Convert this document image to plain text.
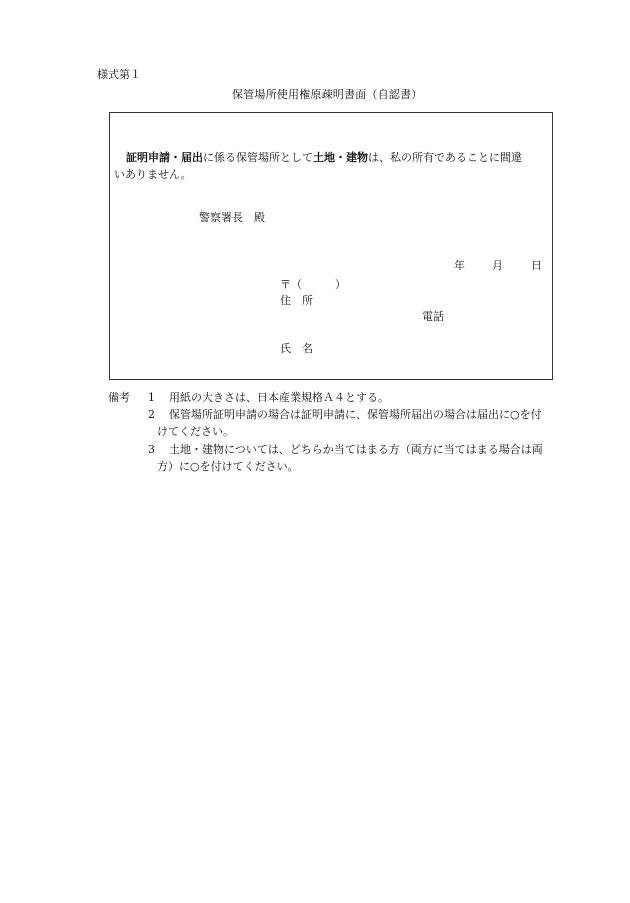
様式第１
保管場所使用権原疎明書面（自認書）
証明申請・届出に係る保管場所として土地・建物は、私の所有であることに間違
いありません。
警察署長　殿
年 月	日
〒（　　　）
住　所
電話
氏　名
備考 1 用紙の大きさは、日本産業規格Ａ４とする。
2 保管場所証明申請の場合は証明申請に、保管場所届出の場合は届出に○を付
けてください。
3 土地・建物については、どちらか当てはまる方（両方に当てはまる場合は両
方）に○を付けてください。
